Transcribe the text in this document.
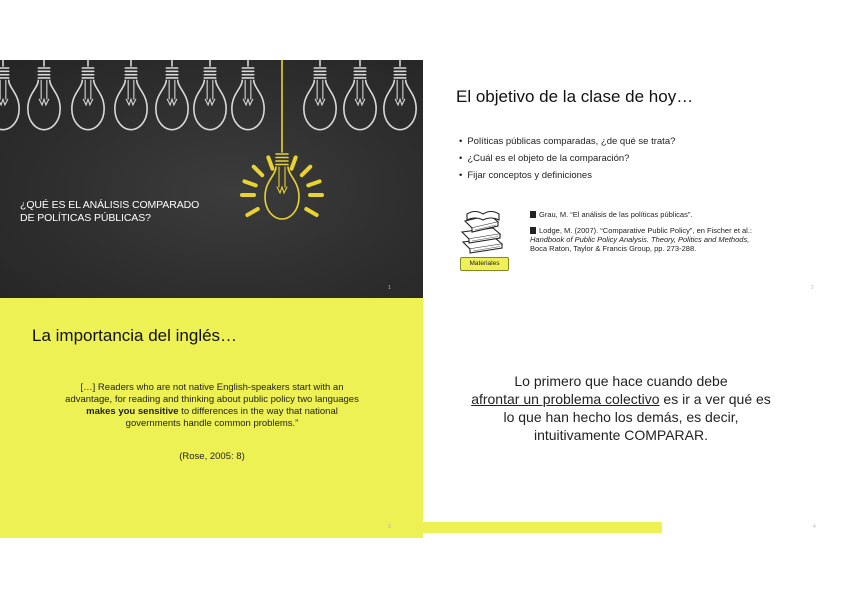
¿QUÉ ES EL ANÁLISIS COMPARADO
DE POLÍTICAS PÚBLICAS?
1
El objetivo de la clase de hoy…
• Políticas públicas comparadas, ¿de qué se trata?
• ¿Cuál es el objeto de la comparación?
• Fijar conceptos y definiciones
Materiales
Grau, M. “El análisis de las políticas públicas”.
Lodge, M. (2007). “Comparative Public Policy”, en Fischer et al.:
Handbook of Public Policy Analysis. Theory, Politics and Methods,
Boca Raton, Taylor & Francis Group, pp. 273-288.
2
La importancia del inglés…
[…] Readers who are not native English-speakers start with an advantage, for reading and thinking about public policy two languages makes you sensitive to differences in the way that national governments handle common problems.”
(Rose, 2005: 8)
3
Lo primero que hace cuando debe
afrontar un problema colectivo es ir a ver qué es lo que han hecho los demás, es decir, intuitivamente COMPARAR.
4
